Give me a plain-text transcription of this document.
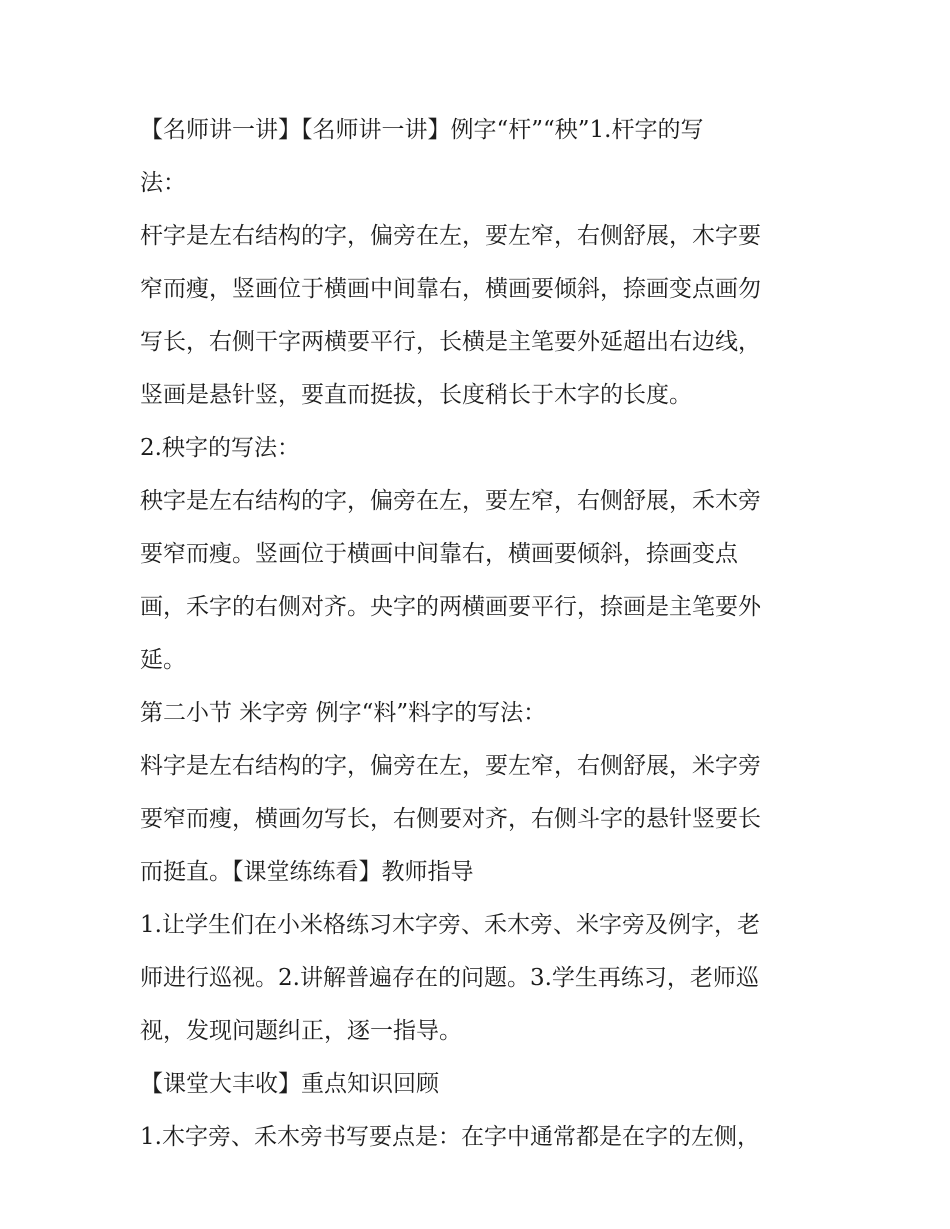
【名师讲一讲】【名师讲一讲】例字“杆”“秧”1.杆字的写
法：
杆字是左右结构的字，偏旁在左，要左窄，右侧舒展，木字要
窄而瘦，竖画位于横画中间靠右，横画要倾斜，捺画变点画勿
写长，右侧干字两横要平行，长横是主笔要外延超出右边线，
竖画是悬针竖，要直而挺拔，长度稍长于木字的长度。
2.秧字的写法：
秧字是左右结构的字，偏旁在左，要左窄，右侧舒展，禾木旁
要窄而瘦。竖画位于横画中间靠右，横画要倾斜，捺画变点
画，禾字的右侧对齐。央字的两横画要平行，捺画是主笔要外
延。
第二小节 米字旁 例字“料”料字的写法：
料字是左右结构的字，偏旁在左，要左窄，右侧舒展，米字旁
要窄而瘦，横画勿写长，右侧要对齐，右侧斗字的悬针竖要长
而挺直。【课堂练练看】教师指导
1.让学生们在小米格练习木字旁、禾木旁、米字旁及例字，老
师进行巡视。2.讲解普遍存在的问题。3.学生再练习，老师巡
视，发现问题纠正，逐一指导。
【课堂大丰收】重点知识回顾
1.木字旁、禾木旁书写要点是：在字中通常都是在字的左侧，
